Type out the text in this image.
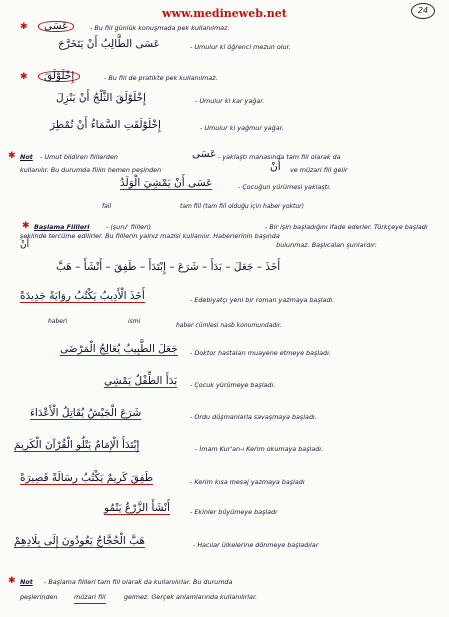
www.medineweb.net	24
✱	عَسَى	- Bu fiil günlük konuşmada pek kullanılmaz.
عَسَى الطَّالِبُ أَنْ يَتَخَرَّجَ	- Umulur ki öğrenci mezun olur.
✱	إِخْلَوْلَقَ	- Bu fiil de pratikte pek kullanılmaz.
إِخْلَوْلَقَ الثَّلْجُ أَنْ يَنْزِلَ	- Umulur ki kar yağar.
إِخْلَوْلَقَتِ السَّمَاءُ أَنْ تُمْطِرَ	- Umulur ki yağmur yağar.
✱ Not - Umut bildiren fiillerden	عَسَى - yaklaştı manasında tam fiil olarak da
kullanılır. Bu durumda fiilin hemen peşinden	أَنْ ve müzari fiil gelir
عَسَى أَنْ يَمْشِيَ الْوَلَدُ	- Çocuğun yürümesi yaklaştı.
fail	tam fiil (tam fiil olduğu için haber yoktur)
✱ Başlama Fiilleri	- (şuru' fiilleri)	- Bir işin başladığını ifade ederler. Türkçeye başladı şeklinde tercüme edilirler. Bu fiillerin yalnız mazisi kullanılır. Haberlerinin başında أَنْ	bulunmaz. Başlıcaları şunlardır:
أَخَذَ – جَعَلَ – بَدَأَ – شَرَعَ – إِبْتَدَأَ – طَفِقَ – أَنْشَأَ – هَبَّ
أَخَذَ الْأَدِيبُ يَكْتُبُ رِوَايَةً جَدِيدَةً	- Edebiyatçı yeni bir roman yazmaya başladı.
haberi	ismi
haber cümlesi nasb konumundadır.
جَعَلَ الطَّبِيبُ يُعَالِجُ الْمَرْضَى - Doktor hastaları muayene etmeye başladı.
بَدَأَ الطِّفْلُ يَمْشِي - Çocuk yürümeye başladı.
شَرَعَ الْجَيْشُ يُقَاتِلُ الْأَعْدَاءَ	- Ordu düşmanlarla savaşmaya başladı.
إِبْتَدَأَ الْإِمَامُ يَتْلُو الْقُرْآنَ الْكَرِيمَ	- İmam Kur'an-ı Kerim okumaya başladı.
طَفِقَ كَرِيمٌ يَكْتُبُ رِسَالَةً قَصِيرَةً	- Kerim kısa mesaj yazmaya başladı
أَنْشَأَ الزَّرْعُ يَنْمُو	- Ekinler büyümeye başladı
هَبَّ الْحُجَّاجُ يَعُودُونَ إِلَى بِلَادِهِمْ	- Hacılar ülkelerine dönmeye başladılar
✱ Not - Başlama fiilleri tam fiil olarak da kullanılırlar. Bu durumda
peşlerinden	müzari fiil	gelmez. Gerçek anlamlarında kullanılırlar.
